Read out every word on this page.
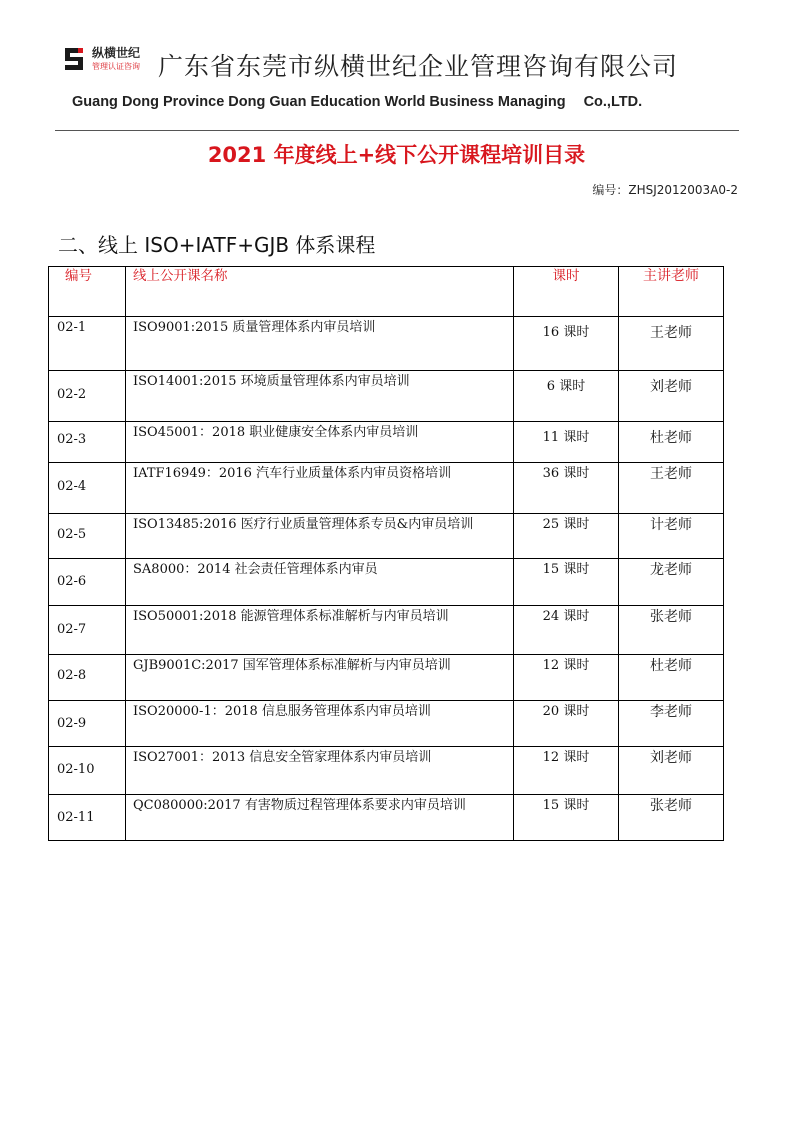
纵横世纪
管理认证咨询 广东省东莞市纵横世纪企业管理咨询有限公司
Guang Dong Province Dong Guan Education World Business Managing Co.,LTD.
2021 年度线上+线下公开课程培训目录
编号：ZHSJ2012003A0-2
二、线上 ISO+IATF+GJB 体系课程
编号	线上公开课名称	课时	主讲老师
02-1	ISO9001:2015 质量管理体系内审员培训	16 课时	王老师
02-2	ISO14001:2015 环境质量管理体系内审员培训	6 课时	刘老师
02-3	ISO45001：2018 职业健康安全体系内审员培训	11 课时	杜老师
02-4	IATF16949：2016 汽车行业质量体系内审员资格培训	36 课时	王老师
02-5	ISO13485:2016 医疗行业质量管理体系专员&内审员培训	25 课时	计老师
02-6	SA8000：2014 社会责任管理体系内审员	15 课时	龙老师
02-7	ISO50001:2018 能源管理体系标准解析与内审员培训	24 课时	张老师
02-8	GJB9001C:2017 国军管理体系标准解析与内审员培训	12 课时	杜老师
02-9	ISO20000-1：2018 信息服务管理体系内审员培训	20 课时	李老师
02-10	ISO27001：2013 信息安全管家理体系内审员培训	12 课时	刘老师
02-11	QC080000:2017 有害物质过程管理体系要求内审员培训	15 课时	张老师
